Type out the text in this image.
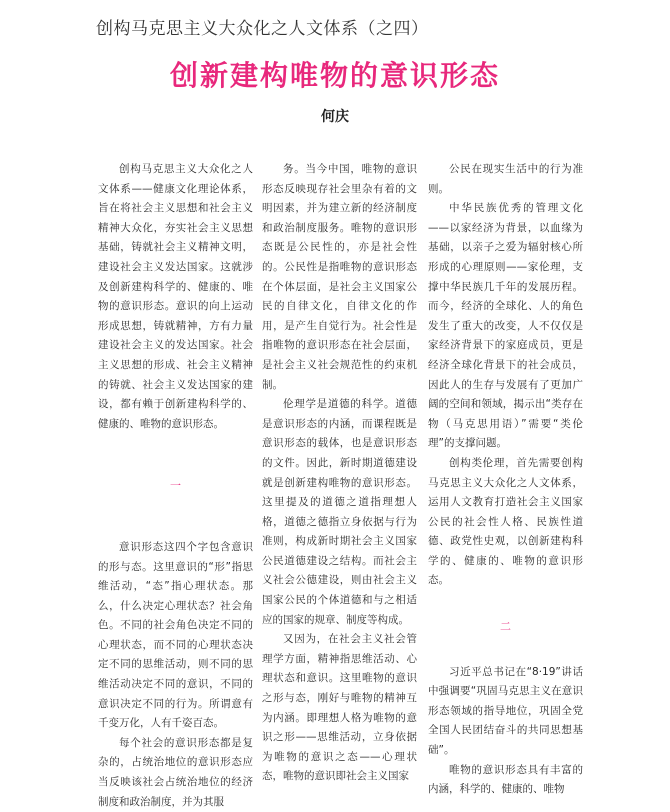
创构马克思主义大众化之人文体系（之四）
创新建构唯物的意识形态
何庆

创构马克思主义大众化之人文体系——健康文化理论体系，旨在将社会主义思想和社会主义精神大众化，夯实社会主义思想基础，铸就社会主义精神文明，建设社会主义发达国家。这就涉及创新建构科学的、健康的、唯物的意识形态。意识的向上运动形成思想，铸就精神，方有力量建设社会主义的发达国家。社会主义思想的形成、社会主义精神的铸就、社会主义发达国家的建设，都有赖于创新建构科学的、健康的、唯物的意识形态。

一

意识形态这四个字包含意识的形与态。这里意识的“形”指思维活动，“态”指心理状态。那么，什么决定心理状态？社会角色。不同的社会角色决定不同的心理状态，而不同的心理状态决定不同的思维活动，则不同的思维活动决定不同的意识，不同的意识决定不同的行为。所谓意有千变万化，人有千姿百态。

每个社会的意识形态都是复杂的，占统治地位的意识形态应当反映该社会占统治地位的经济制度和政治制度，并为其服

务。当今中国，唯物的意识形态反映现存社会里杂有着的文明因素，并为建立新的经济制度和政治制度服务。唯物的意识形态既是公民性的，亦是社会性的。公民性是指唯物的意识形态在个体层面，是社会主义国家公民的自律文化，自律文化的作用，是产生自觉行为。社会性是指唯物的意识形态在社会层面，是社会主义社会规范性的约束机制。

伦理学是道德的科学。道德是意识形态的内涵，而课程既是意识形态的载体，也是意识形态的文件。因此，新时期道德建设就是创新建构唯物的意识形态。这里提及的道德之道指理想人格，道德之德指立身依据与行为准则，构成新时期社会主义国家公民道德建设之结构。而社会主义社会公德建设，则由社会主义国家公民的个体道德和与之相适应的国家的规章、制度等构成。

又因为，在社会主义社会管理学方面，精神指思维活动、心理状态和意识。这里唯物的意识之形与态，刚好与唯物的精神互为内涵。即理想人格为唯物的意识之形——思维活动，立身依据为唯物的意识之态——心理状态，唯物的意识即社会主义国家

公民在现实生活中的行为准则。

中华民族优秀的管理文化——以家经济为背景，以血缘为基础，以亲子之爱为辐射核心所形成的心理原则——家伦理，支撑中华民族几千年的发展历程。而今，经济的全球化、人的角色发生了重大的改变，人不仅仅是家经济背景下的家庭成员，更是经济全球化背景下的社会成员，因此人的生存与发展有了更加广阔的空间和领域，揭示出“类存在物（马克思用语）”需要“类伦理”的支撑问题。

创构类伦理，首先需要创构马克思主义大众化之人文体系，运用人文教育打造社会主义国家公民的社会性人格、民族性道德、政党性史观，以创新建构科学的、健康的、唯物的意识形态。

二

习近平总书记在“8·19”讲话中强调要“巩固马克思主义在意识形态领域的指导地位，巩固全党全国人民团结奋斗的共同思想基础”。

唯物的意识形态具有丰富的内涵，科学的、健康的、唯物
